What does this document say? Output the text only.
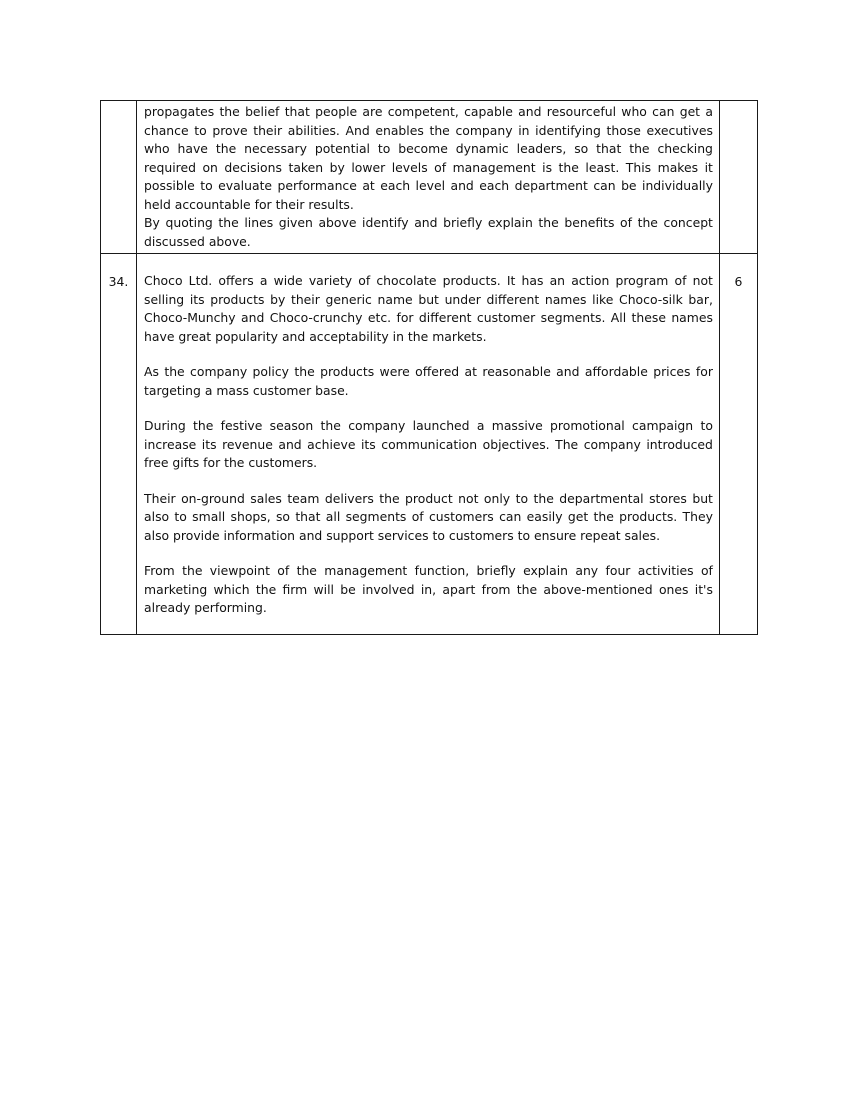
	propagates the belief that people are competent, capable and resourceful who can get a chance to prove their abilities. And enables the company in identifying those executives who have the necessary potential to become dynamic leaders, so that the checking required on decisions taken by lower levels of management is the least. This makes it possible to evaluate performance at each level and each department can be individually held accountable for their results.

By quoting the lines given above identify and briefly explain the benefits of the concept discussed above.	

34.	Choco Ltd. offers a wide variety of chocolate products. It has an action program of not selling its products by their generic name but under different names like Choco-silk bar, Choco-Munchy and Choco-crunchy etc. for different customer segments. All these names have great popularity and acceptability in the markets.

As the company policy the products were offered at reasonable and affordable prices for targeting a mass customer base.

During the festive season the company launched a massive promotional campaign to increase its revenue and achieve its communication objectives. The company introduced free gifts for the customers.

Their on-ground sales team delivers the product not only to the departmental stores but also to small shops, so that all segments of customers can easily get the products. They also provide information and support services to customers to ensure repeat sales.

From the viewpoint of the management function, briefly explain any four activities of marketing which the firm will be involved in, apart from the above-mentioned ones it's already performing.	6
